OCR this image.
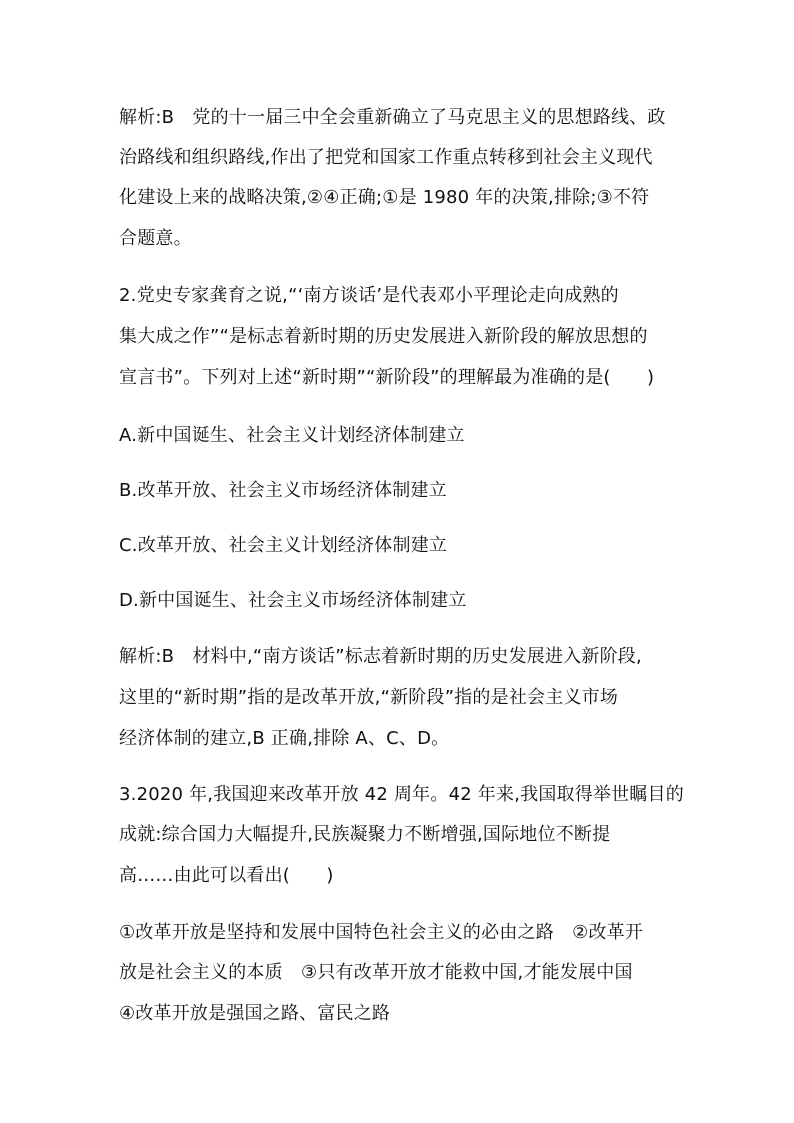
解析:B　党的十一届三中全会重新确立了马克思主义的思想路线、政
治路线和组织路线,作出了把党和国家工作重点转移到社会主义现代
化建设上来的战略决策,②④正确;①是 1980 年的决策,排除;③不符
合题意。
2.党史专家龚育之说,“‘南方谈话’是代表邓小平理论走向成熟的
集大成之作”“是标志着新时期的历史发展进入新阶段的解放思想的
宣言书”。下列对上述“新时期”“新阶段”的理解最为准确的是(　　)
A.新中国诞生、社会主义计划经济体制建立
B.改革开放、社会主义市场经济体制建立
C.改革开放、社会主义计划经济体制建立
D.新中国诞生、社会主义市场经济体制建立
解析:B　材料中,“南方谈话”标志着新时期的历史发展进入新阶段,
这里的“新时期”指的是改革开放,“新阶段”指的是社会主义市场
经济体制的建立,B 正确,排除 A、C、D。
3.2020 年,我国迎来改革开放 42 周年。42 年来,我国取得举世瞩目的
成就:综合国力大幅提升,民族凝聚力不断增强,国际地位不断提
高……由此可以看出(　　)
①改革开放是坚持和发展中国特色社会主义的必由之路　②改革开
放是社会主义的本质　③只有改革开放才能救中国,才能发展中国
④改革开放是强国之路、富民之路
